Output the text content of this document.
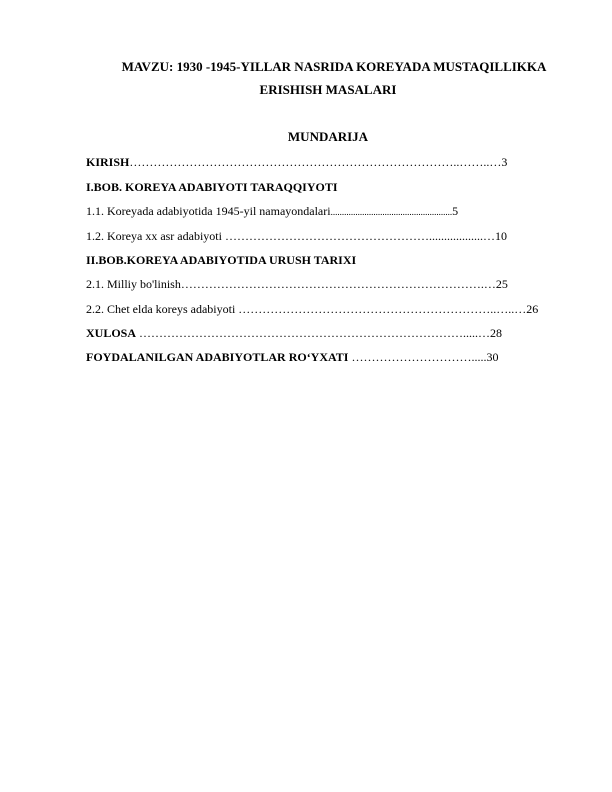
MAVZU: 1930 -1945-YILLAR NASRIDA KOREYADA MUSTAQILLIKKA
ERISHISH MASALARI
MUNDARIJA
KIRISH………………………………………………………………………..……..…3
I.BOB. KOREYA ADABIYOTI TARAQQIYOTI
1.1. Koreyada adabiyotida 1945-yil namayondalari......................................................5
1.2. Koreya xx asr adabiyoti ……………………………………………..................…10
II.BOB.KOREYA ADABIYOTIDA URUSH TARIXI
2.1. Milliy bo'linish………………………………………………………………….…25
2.2. Chet elda koreys adabiyoti ………………………………………………………..…..…26
XULOSA ……………………………………………………………………….....…28
FOYDALANILGAN ADABIYOTLAR RO‘YXATI ………………………….....30
